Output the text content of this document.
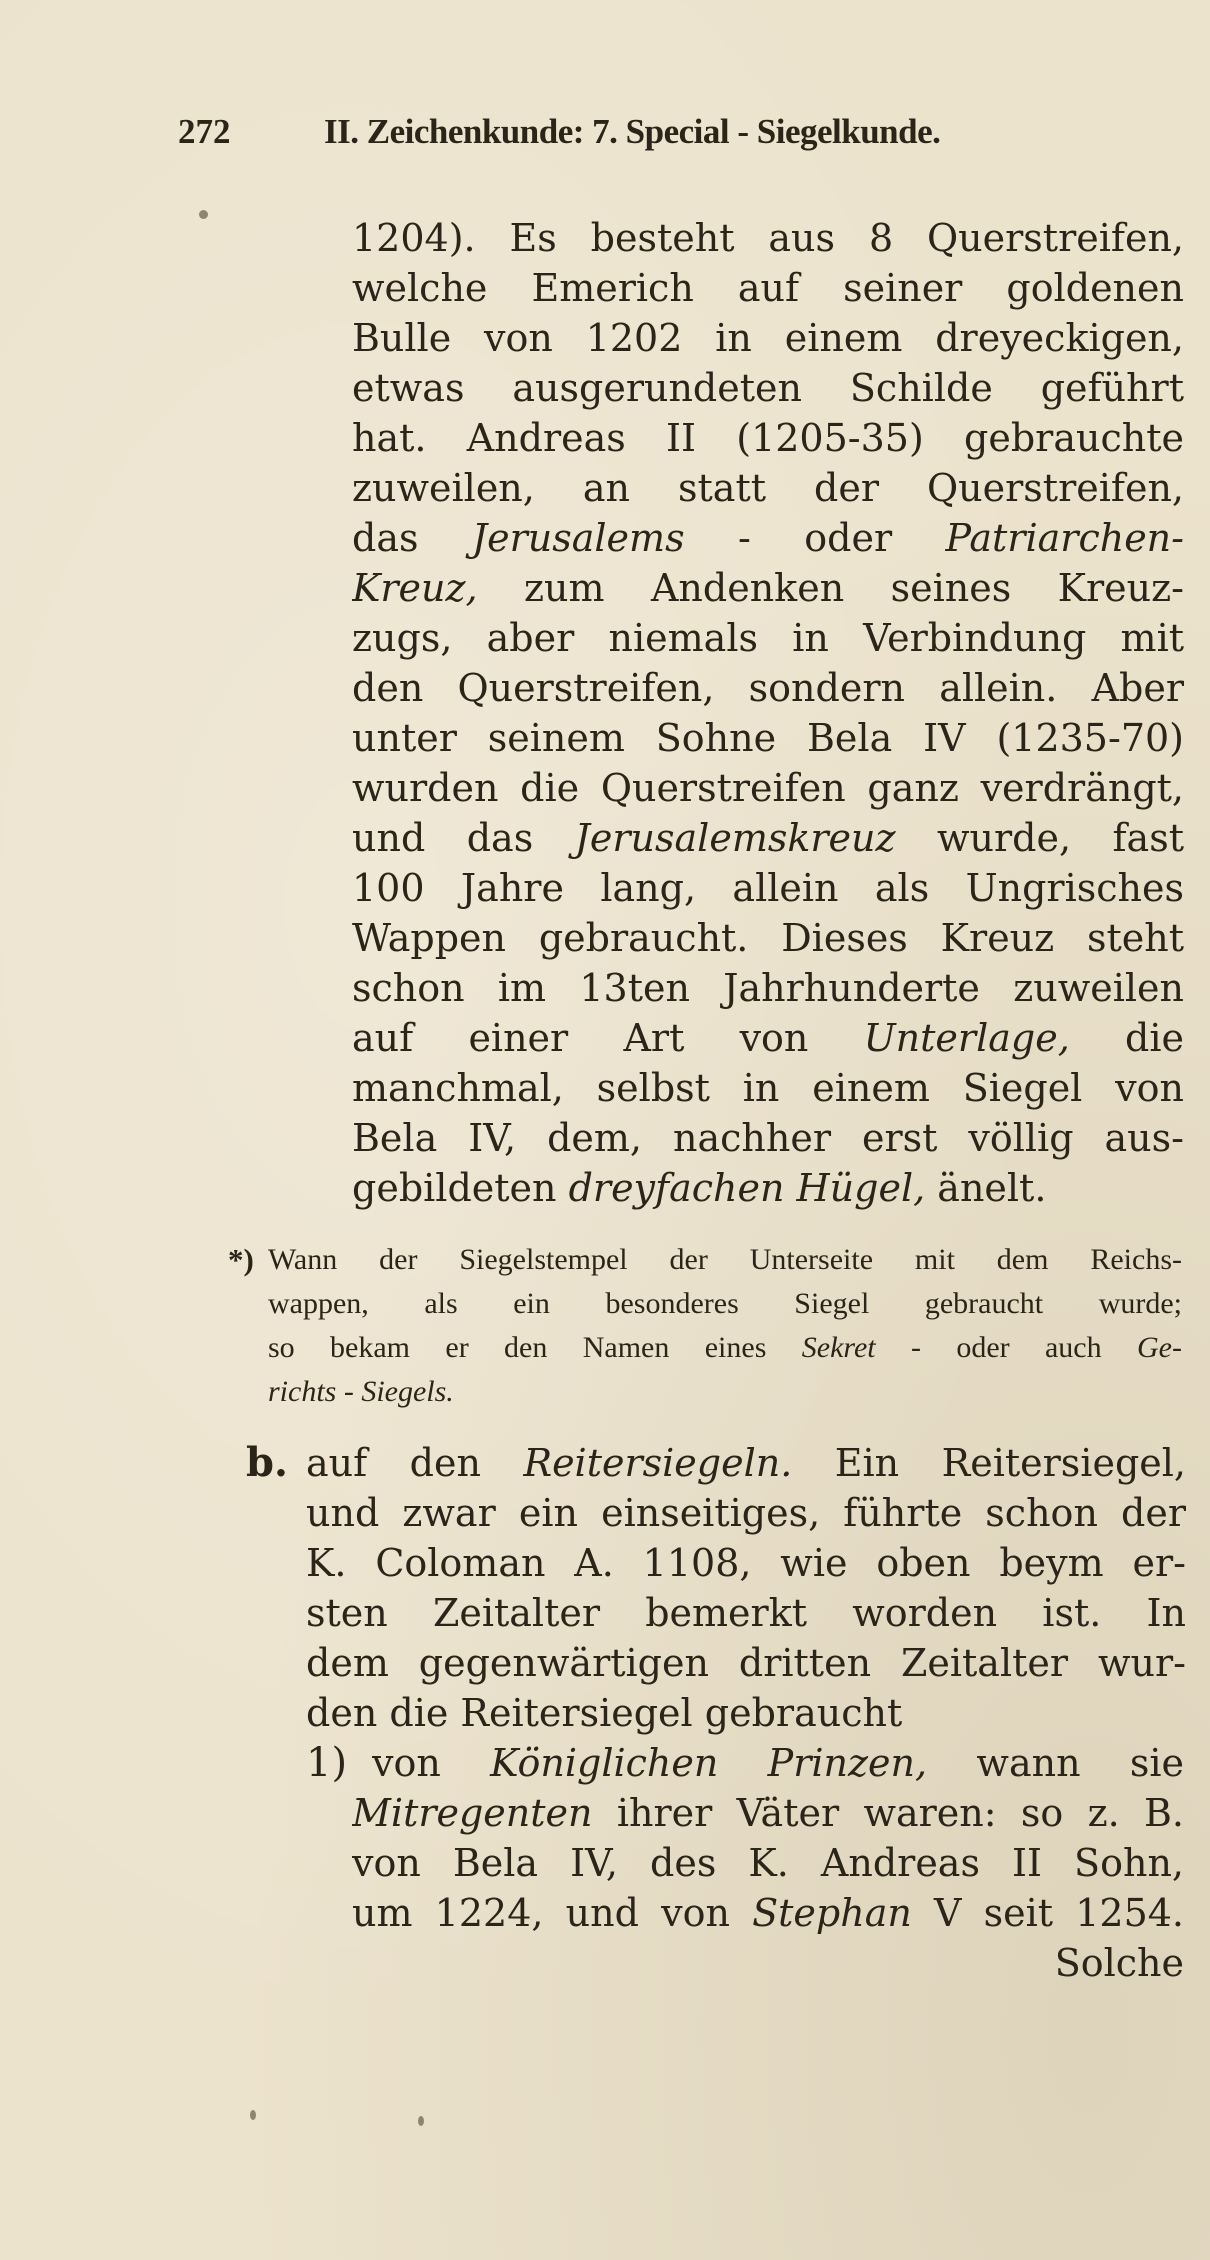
272	II. Zeichenkunde: 7. Special - Siegelkunde.
1204). Es besteht aus 8 Querstreifen,
welche Emerich auf seiner goldenen
Bulle von 1202 in einem dreyeckigen,
etwas ausgerundeten Schilde geführt
hat. Andreas II (1205-35) gebrauchte
zuweilen, an statt der Querstreifen,
das Jerusalems - oder Patriarchen-
Kreuz, zum Andenken seines Kreuz-
zugs, aber niemals in Verbindung mit
den Querstreifen, sondern allein. Aber
unter seinem Sohne Bela IV (1235-70)
wurden die Querstreifen ganz verdrängt,
und das Jerusalemskreuz wurde, fast
100 Jahre lang, allein als Ungrisches
Wappen gebraucht. Dieses Kreuz steht
schon im 13ten Jahrhunderte zuweilen
auf einer Art von Unterlage, die
manchmal, selbst in einem Siegel von
Bela IV, dem, nachher erst völlig aus-
gebildeten dreyfachen Hügel, änelt.
*) Wann der Siegelstempel der Unterseite mit dem Reichs-
wappen, als ein besonderes Siegel gebraucht wurde;
so bekam er den Namen eines Sekret - oder auch Ge-
richts - Siegels.
b. auf den Reitersiegeln. Ein Reitersiegel,
und zwar ein einseitiges, führte schon der
K. Coloman A. 1108, wie oben beym er-
sten Zeitalter bemerkt worden ist. In
dem gegenwärtigen dritten Zeitalter wur-
den die Reitersiegel gebraucht
1) von Königlichen Prinzen, wann sie
Mitregenten ihrer Väter waren: so z. B.
von Bela IV, des K. Andreas II Sohn,
um 1224, und von Stephan V seit 1254.
Solche
